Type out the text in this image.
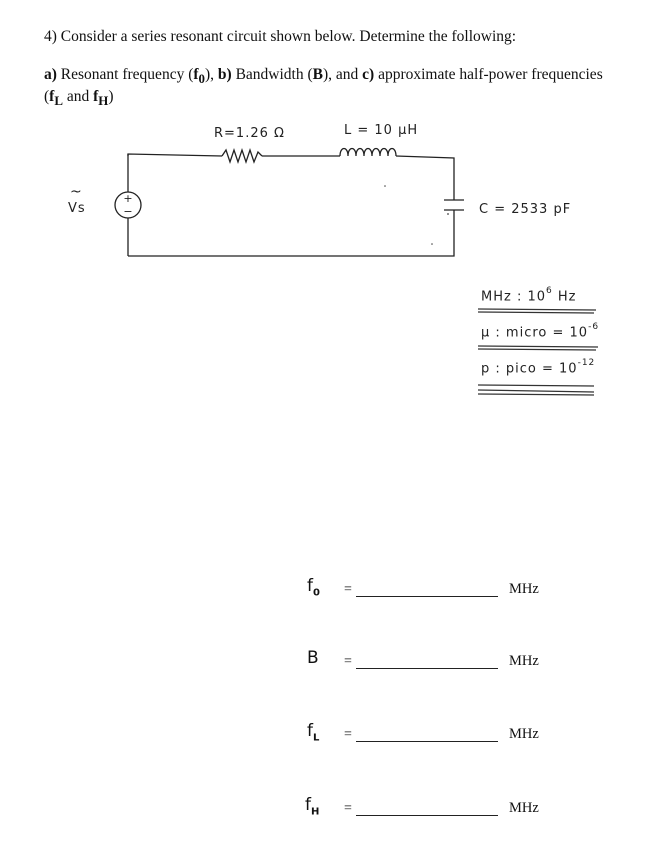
4) Consider a series resonant circuit shown below. Determine the following:

a) Resonant frequency $(f_0)$, b) Bandwidth (B), and c) approximate half-power frequencies
($f_L$ and $f_H$)

+
−
~
Vs
R=1.26 Ω	L = 10 μH
C = 2533 pF
MHz : $10^6$ Hz
μ : micro = $10^{-6}$
p : pico = $10^{-12}$
$f_0$ =	MHz
B =	MHz
$f_L$ =	MHz
$f_H$ =	MHz
